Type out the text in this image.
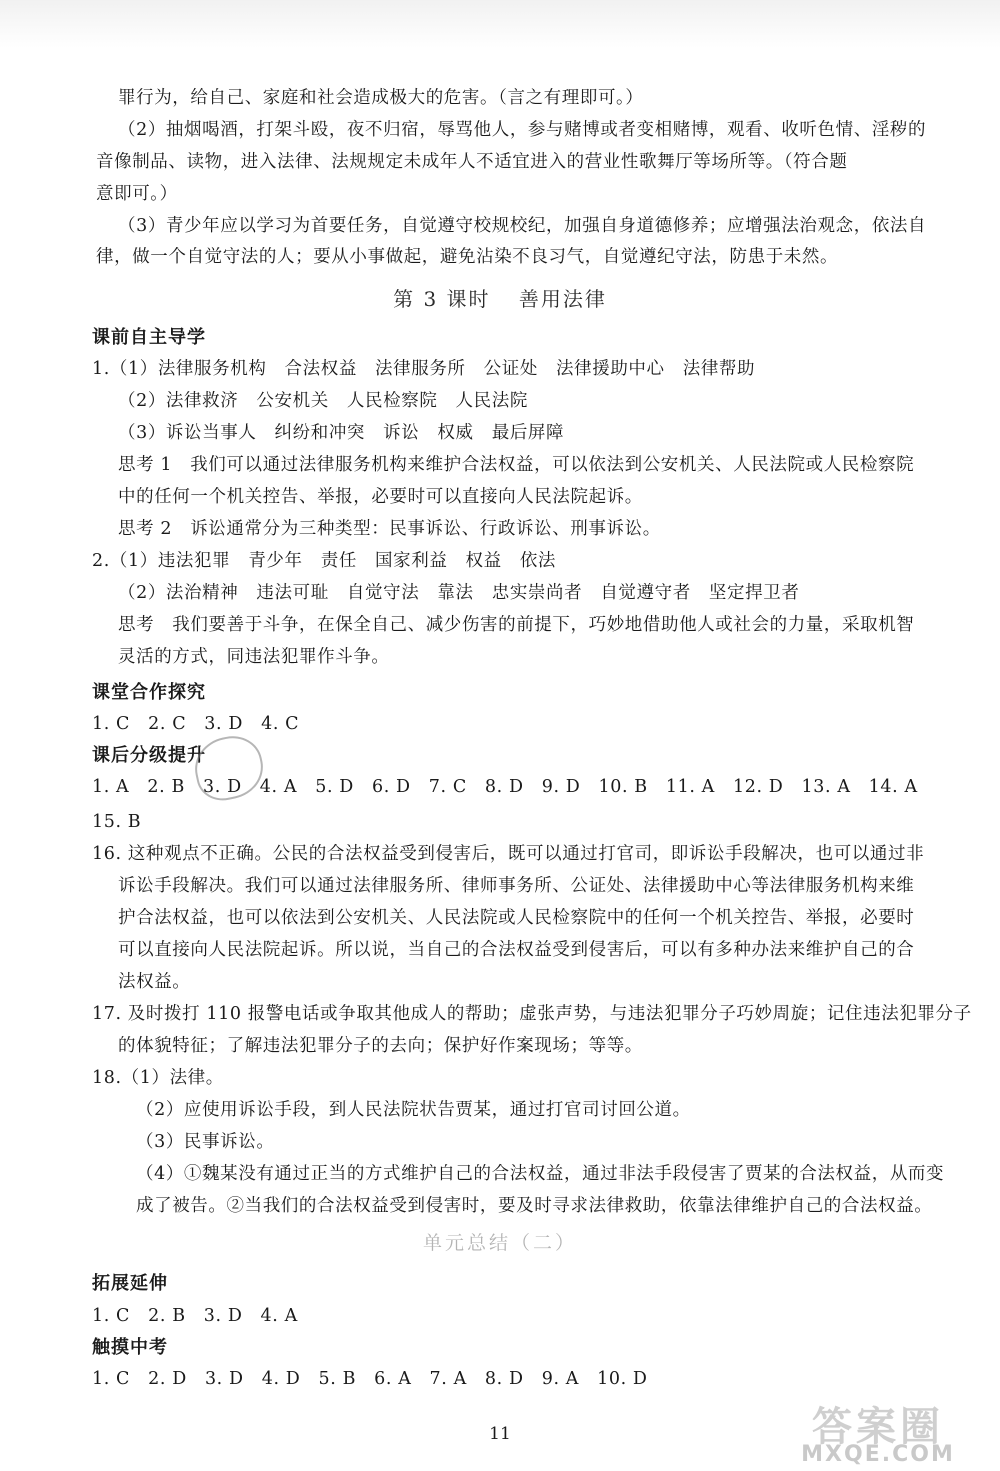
罪行为，给自己、家庭和社会造成极大的危害。（言之有理即可。）
（2）抽烟喝酒，打架斗殴，夜不归宿，辱骂他人，参与赌博或者变相赌博，观看、收听色情、淫秽的
音像制品、读物，进入法律、法规规定未成年人不适宜进入的营业性歌舞厅等场所等。（符合题
意即可。）
（3）青少年应以学习为首要任务，自觉遵守校规校纪，加强自身道德修养；应增强法治观念，依法自
律，做一个自觉守法的人；要从小事做起，避免沾染不良习气，自觉遵纪守法，防患于未然。
第 3 课时 善用法律
课前自主导学
1.（1）法律服务机构　合法权益　法律服务所　公证处　法律援助中心　法律帮助
（2）法律救济　公安机关　人民检察院　人民法院
（3）诉讼当事人　纠纷和冲突　诉讼　权威　最后屏障
思考 1　我们可以通过法律服务机构来维护合法权益，可以依法到公安机关、人民法院或人民检察院
中的任何一个机关控告、举报，必要时可以直接向人民法院起诉。
思考 2　诉讼通常分为三种类型：民事诉讼、行政诉讼、刑事诉讼。
2.（1）违法犯罪　青少年　责任　国家利益　权益　依法
（2）法治精神　违法可耻　自觉守法　靠法　忠实崇尚者　自觉遵守者　坚定捍卫者
思考　我们要善于斗争，在保全自己、减少伤害的前提下，巧妙地借助他人或社会的力量，采取机智
灵活的方式，同违法犯罪作斗争。
课堂合作探究
1. C　2. C　3. D　4. C
课后分级提升
1. A　2. B　3. D　4. A　5. D　6. D　7. C　8. D　9. D　10. B　11. A　12. D　13. A　14. A
15. B
16. 这种观点不正确。公民的合法权益受到侵害后，既可以通过打官司，即诉讼手段解决，也可以通过非
诉讼手段解决。我们可以通过法律服务所、律师事务所、公证处、法律援助中心等法律服务机构来维
护合法权益，也可以依法到公安机关、人民法院或人民检察院中的任何一个机关控告、举报，必要时
可以直接向人民法院起诉。所以说，当自己的合法权益受到侵害后，可以有多种办法来维护自己的合
法权益。
17. 及时拨打 110 报警电话或争取其他成人的帮助；虚张声势，与违法犯罪分子巧妙周旋；记住违法犯罪分子
的体貌特征；了解违法犯罪分子的去向；保护好作案现场；等等。
18.（1）法律。
（2）应使用诉讼手段，到人民法院状告贾某，通过打官司讨回公道。
（3）民事诉讼。
（4）①魏某没有通过正当的方式维护自己的合法权益，通过非法手段侵害了贾某的合法权益，从而变
成了被告。②当我们的合法权益受到侵害时，要及时寻求法律救助，依靠法律维护自己的合法权益。
单元总结（二）
拓展延伸
1. C　2. B　3. D　4. A
触摸中考
1. C　2. D　3. D　4. D　5. B　6. A　7. A　8. D　9. A　10. D
11	答案圈
MXQE.COM
